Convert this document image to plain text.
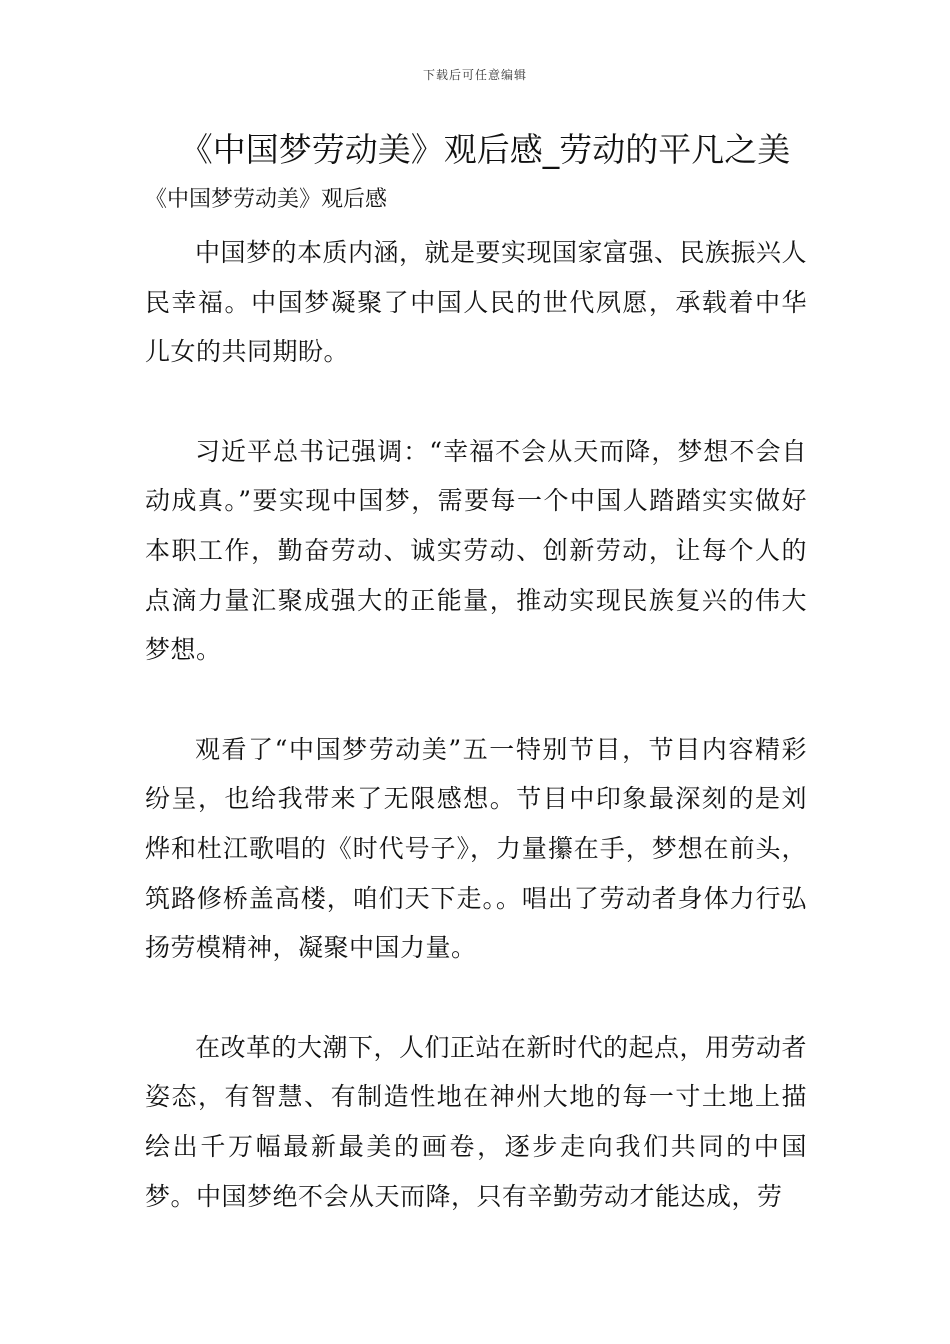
下载后可任意编辑
《中国梦劳动美》观后感_劳动的平凡之美
《中国梦劳动美》观后感

中国梦的本质内涵，就是要实现国家富强、民族振兴人民幸福。中国梦凝聚了中国人民的世代夙愿，承载着中华儿女的共同期盼。

习近平总书记强调：“幸福不会从天而降，梦想不会自动成真。”要实现中国梦，需要每一个中国人踏踏实实做好本职工作，勤奋劳动、诚实劳动、创新劳动，让每个人的点滴力量汇聚成强大的正能量，推动实现民族复兴的伟大梦想。

观看了“中国梦劳动美”五一特别节目，节目内容精彩纷呈，也给我带来了无限感想。节目中印象最深刻的是刘烨和杜江歌唱的《时代号子》，力量攥在手，梦想在前头，筑路修桥盖高楼，咱们天下走。。唱出了劳动者身体力行弘扬劳模精神，凝聚中国力量。

在改革的大潮下，人们正站在新时代的起点，用劳动者姿态，有智慧、有制造性地在神州大地的每一寸土地上描绘出千万幅最新最美的画卷，逐步走向我们共同的中国梦。中国梦绝不会从天而降，只有辛勤劳动才能达成，劳
